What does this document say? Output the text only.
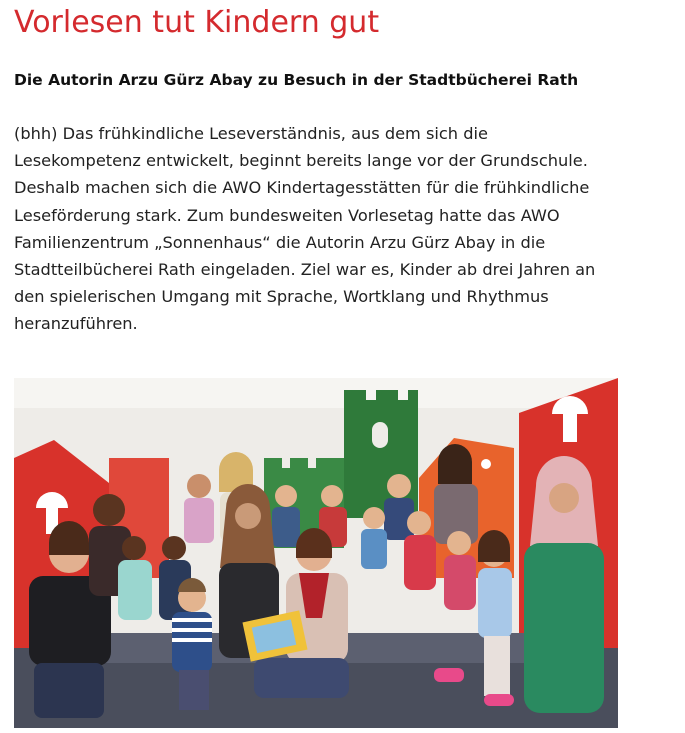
Vorlesen tut Kindern gut
Die Autorin Arzu Gürz Abay zu Besuch in der Stadtbücherei Rath

(bhh) Das frühkindliche Leseverständnis, aus dem sich die
Lesekompetenz entwickelt, beginnt bereits lange vor der Grundschule.
Deshalb machen sich die AWO Kindertagesstätten für die frühkindliche
Leseförderung stark. Zum bundesweiten Vorlesetag hatte das AWO
Familienzentrum „Sonnenhaus“ die Autorin Arzu Gürz Abay in die
Stadtteilbücherei Rath eingeladen. Ziel war es, Kinder ab drei Jahren an
den spielerischen Umgang mit Sprache, Wortklang und Rhythmus
heranzuführen.
